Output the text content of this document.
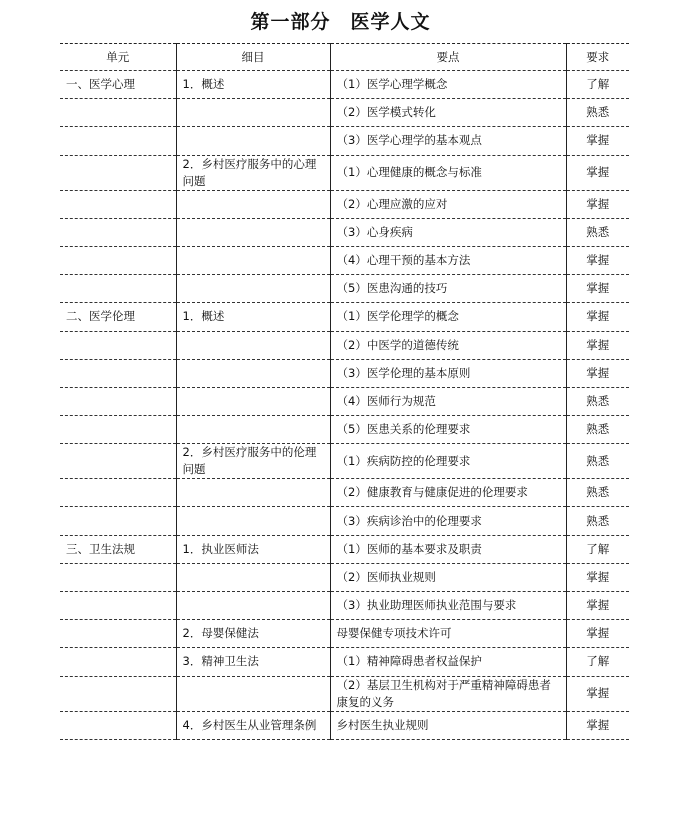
第一部分　医学人文
单元	细目	要点	要求
一、医学心理	1．概述	（1）医学心理学概念	了解
		（2）医学模式转化	熟悉
		（3）医学心理学的基本观点	掌握
	2．乡村医疗服务中的心理问题	（1）心理健康的概念与标准	掌握
		（2）心理应激的应对	掌握
		（3）心身疾病	熟悉
		（4）心理干预的基本方法	掌握
		（5）医患沟通的技巧	掌握
二、医学伦理	1．概述	（1）医学伦理学的概念	掌握
		（2）中医学的道德传统	掌握
		（3）医学伦理的基本原则	掌握
		（4）医师行为规范	熟悉
		（5）医患关系的伦理要求	熟悉
	2．乡村医疗服务中的伦理问题	（1）疾病防控的伦理要求	熟悉
		（2）健康教育与健康促进的伦理要求	熟悉
		（3）疾病诊治中的伦理要求	熟悉
三、卫生法规	1．执业医师法	（1）医师的基本要求及职责	了解
		（2）医师执业规则	掌握
		（3）执业助理医师执业范围与要求	掌握
	2．母婴保健法	母婴保健专项技术许可	掌握
	3．精神卫生法	（1）精神障碍患者权益保护	了解
		（2）基层卫生机构对于严重精神障碍患者康复的义务	掌握
	4．乡村医生从业管理条例	乡村医生执业规则	掌握
